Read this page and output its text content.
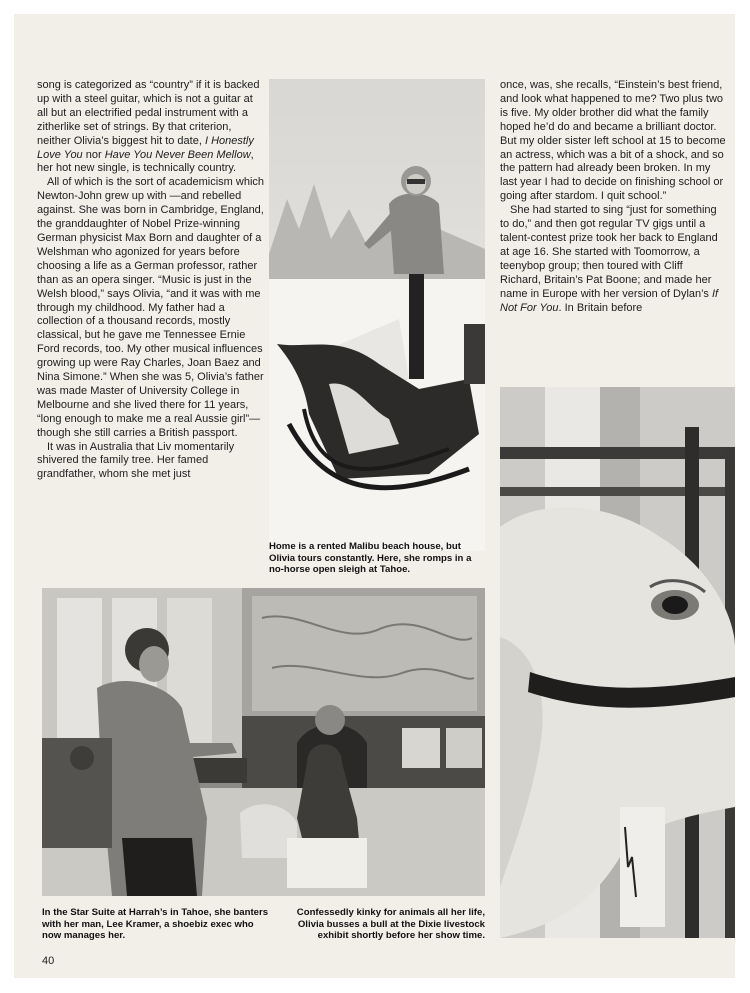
song is categorized as “country” if it is backed up with a steel guitar, which is not a guitar at all but an electrified pedal instrument with a zitherlike set of strings. By that criterion, neither Olivia’s biggest hit to date, I Honestly Love You nor Have You Never Been Mellow, her hot new single, is technically country.

All of which is the sort of academicism which Newton-John grew up with —and rebelled against. She was born in Cambridge, England, the granddaughter of Nobel Prize-winning German physicist Max Born and daughter of a Welshman who agonized for years before choosing a life as a German professor, rather than as an opera singer. “Music is just in the Welsh blood,” says Olivia, “and it was with me through my childhood. My father had a collection of a thousand records, mostly classical, but he gave me Tennessee Ernie Ford records, too. My other musical influences growing up were Ray Charles, Joan Baez and Nina Simone.” When she was 5, Olivia’s father was made Master of University College in Melbourne and she lived there for 11 years, “long enough to make me a real Aussie girl”—though she still carries a British passport.

It was in Australia that Liv momentarily shivered the family tree. Her famed grandfather, whom she met just

Home is a rented Malibu beach house, but Olivia tours constantly. Here, she romps in a no-horse open sleigh at Tahoe.

once, was, she recalls, “Einstein’s best friend, and look what happened to me? Two plus two is five. My older brother did what the family hoped he’d do and became a brilliant doctor. But my older sister left school at 15 to become an actress, which was a bit of a shock, and so the pattern had already been broken. In my last year I had to decide on finishing school or going after stardom. I quit school.”

She had started to sing “just for something to do,” and then got regular TV gigs until a talent-contest prize took her back to England at age 16. She started with Toomorrow, a teenybop group; then toured with Cliff Richard, Britain’s Pat Boone; and made her name in Europe with her version of Dylan’s If Not For You. In Britain before

In the Star Suite at Harrah’s in Tahoe, she banters with her man, Lee Kramer, a shoebiz exec who now manages her.

Confessedly kinky for animals all her life, Olivia busses a bull at the Dixie livestock exhibit shortly before her show time.

40
